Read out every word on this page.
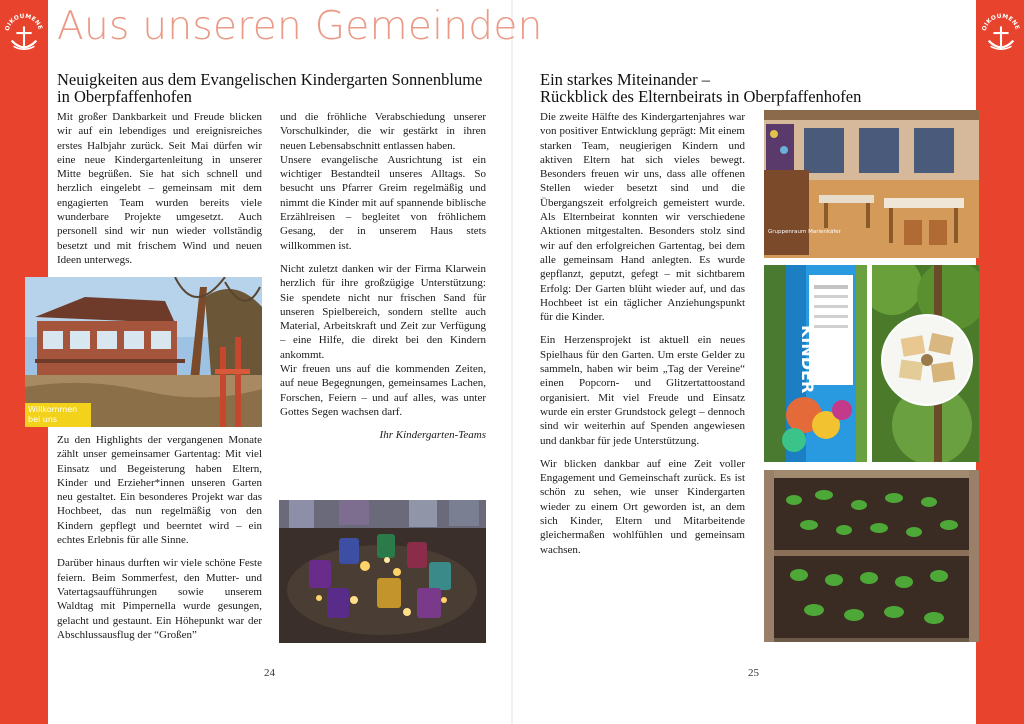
OIKOUMENE	OIKOUMENE
Aus unseren Gemeinden
Neuigkeiten aus dem Evangelischen Kindergarten Sonnenblume
in Oberpfaffenhofen

Mit großer Dankbarkeit und Freude blicken wir auf ein lebendiges und ereignisreiches erstes Halbjahr zurück. Seit Mai dürfen wir eine neue Kindergartenleitung in unserer Mitte begrüßen. Sie hat sich schnell und herzlich eingelebt – gemeinsam mit dem engagierten Team wurden bereits viele wunderbare Projekte umgesetzt. Auch personell sind wir nun wieder vollständig besetzt und mit frischem Wind und neuen Ideen unterwegs.

Willkommen bei uns

Zu den Highlights der vergangenen Monate zählt unser gemeinsamer Gartentag: Mit viel Einsatz und Begeisterung haben Eltern, Kinder und Erzieher*innen unseren Garten neu gestaltet. Ein besonderes Projekt war das Hochbeet, das nun regelmäßig von den Kindern gepflegt und beerntet wird – ein echtes Erlebnis für alle Sinne.

Darüber hinaus durften wir viele schöne Feste feiern. Beim Sommerfest, den Mutter- und Vatertagsaufführungen sowie unserem Waldtag mit Pimpernella wurde gesungen, gelacht und gestaunt. Ein Höhepunkt war der Abschlussausflug der “Großen”

und die fröhliche Verabschiedung unserer Vorschulkinder, die wir gestärkt in ihren neuen Lebensabschnitt entlassen haben.

Unsere evangelische Ausrichtung ist ein wichtiger Bestandteil unseres Alltags. So besucht uns Pfarrer Greim regelmäßig und nimmt die Kinder mit auf spannende biblische Erzählreisen – begleitet von fröhlichem Gesang, der in unserem Haus stets willkommen ist.

Nicht zuletzt danken wir der Firma Klarwein herzlich für ihre großzügige Unterstützung: Sie spendete nicht nur frischen Sand für unseren Spielbereich, sondern stellte auch Material, Arbeitskraft und Zeit zur Verfügung – eine Hilfe, die direkt bei den Kindern ankommt.

Wir freuen uns auf die kommenden Zeiten, auf neue Begegnungen, gemeinsames Lachen, Forschen, Feiern – und auf alles, was unter Gottes Segen wachsen darf.

Ihr Kindergarten-Teams

24
Ein starkes Miteinander –
Rückblick des Elternbeirats in Oberpfaffenhofen

Die zweite Hälfte des Kindergartenjahres war von positiver Entwicklung geprägt: Mit einem starken Team, neugierigen Kindern und aktiven Eltern hat sich vieles bewegt. Besonders freuen wir uns, dass alle offenen Stellen wieder besetzt sind und die Übergangszeit erfolgreich gemeistert wurde. Als Elternbeirat konnten wir verschiedene Aktionen mitgestalten. Besonders stolz sind wir auf den erfolgreichen Gartentag, bei dem alle gemeinsam Hand anlegten. Es wurde gepflanzt, geputzt, gefegt – mit sichtbarem Erfolg: Der Garten blüht wieder auf, und das Hochbeet ist ein täglicher Anziehungspunkt für die Kinder.

Ein Herzensprojekt ist aktuell ein neues Spielhaus für den Garten. Um erste Gelder zu sammeln, haben wir beim „Tag der Vereine“ einen Popcorn- und Glitzertattoostand organisiert. Mit viel Freude und Einsatz wurde ein erster Grundstock gelegt – dennoch sind wir weiterhin auf Spenden angewiesen und dankbar für jede Unterstützung.

Wir blicken dankbar auf eine Zeit voller Engagement und Gemeinschaft zurück. Es ist schön zu sehen, wie unser Kindergarten wieder zu einem Ort geworden ist, an dem sich Kinder, Eltern und Mitarbeitende gleichermaßen wohlfühlen und gemeinsam wachsen.

Gruppenraum Marienkäfer
KINDER
25
